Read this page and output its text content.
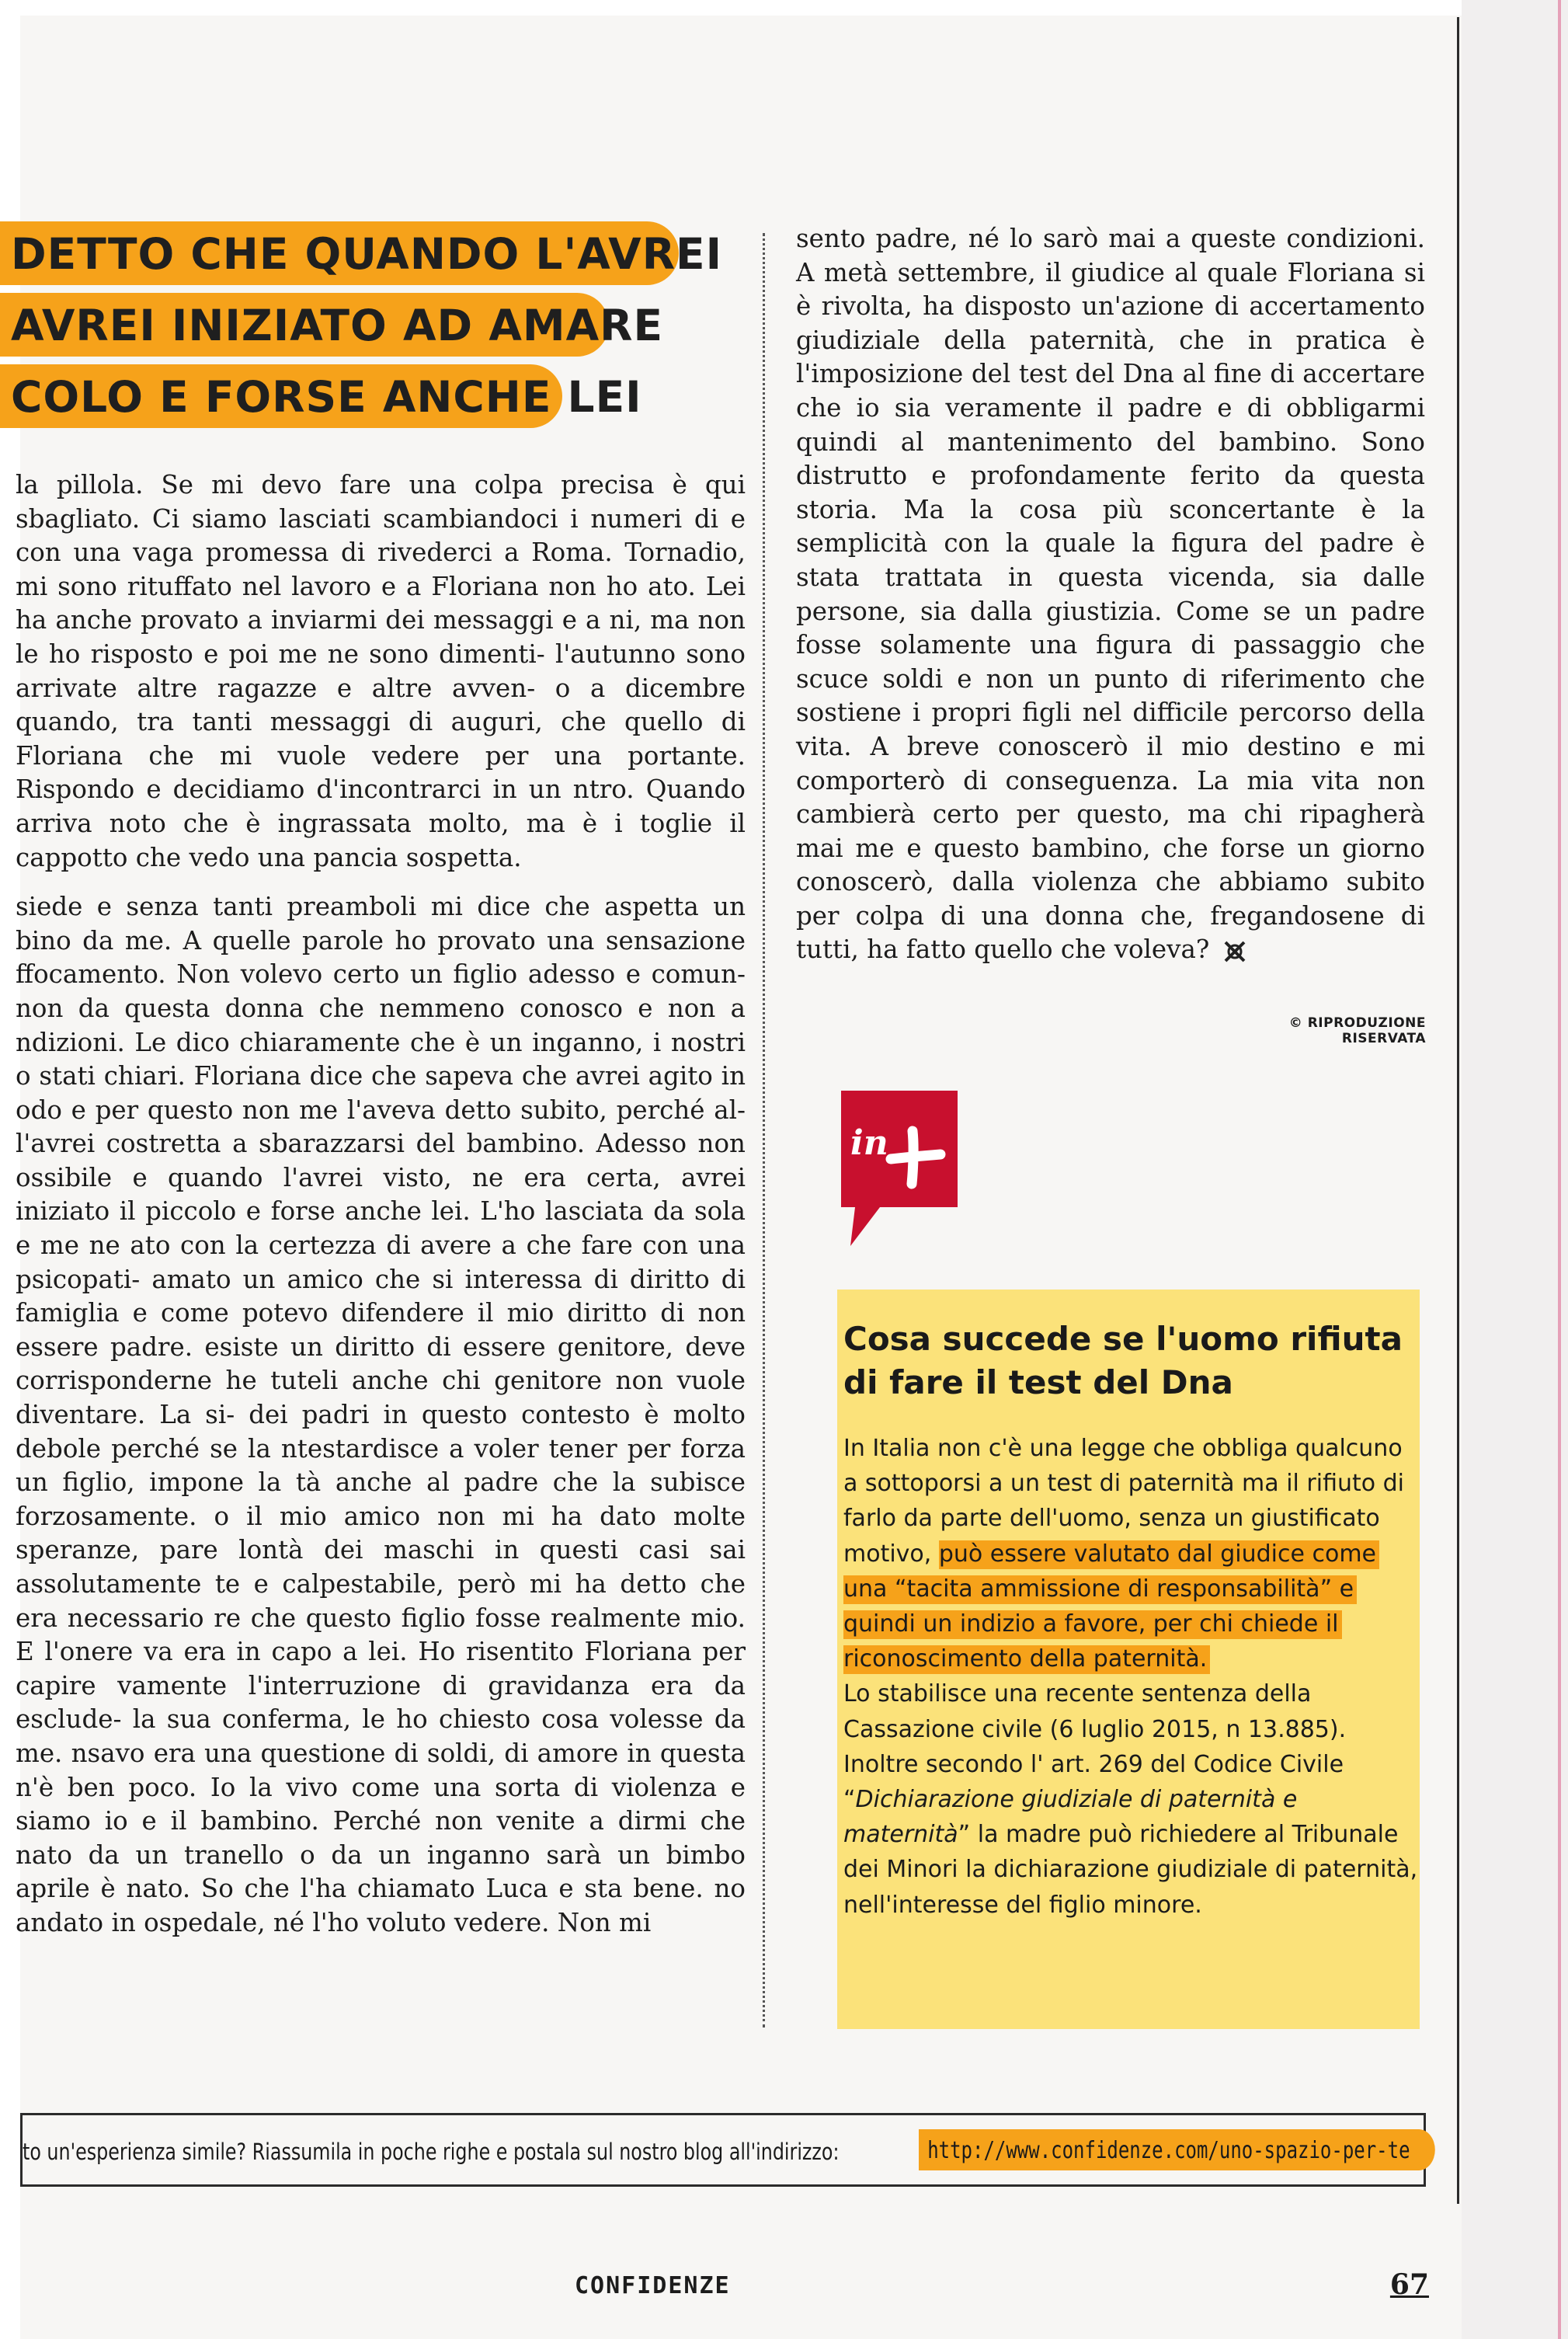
DETTO CHE QUANDO L'AVREI
AVREI INIZIATO AD AMARE
COLO E FORSE ANCHE LEI

la pillola. Se mi devo fare una colpa precisa è qui sbagliato. Ci siamo lasciati scambiandoci i numeri di e con una vaga promessa di rivederci a Roma. Tornadio, mi sono rituffato nel lavoro e a Floriana non ho ato. Lei ha anche provato a inviarmi dei messaggi e a ni, ma non le ho risposto e poi me ne sono dimenti- l'autunno sono arrivate altre ragazze e altre avven- o a dicembre quando, tra tanti messaggi di auguri, che quello di Floriana che mi vuole vedere per una portante. Rispondo e decidiamo d'incontrarci in un ntro. Quando arriva noto che è ingrassata molto, ma è i toglie il cappotto che vedo una pancia sospetta.

siede e senza tanti preamboli mi dice che aspetta un bino da me. A quelle parole ho provato una sensazione ffocamento. Non volevo certo un figlio adesso e comun- non da questa donna che nemmeno conosco e non a ndizioni. Le dico chiaramente che è un inganno, i nostri o stati chiari. Floriana dice che sapeva che avrei agito in odo e per questo non me l'aveva detto subito, perché al- l'avrei costretta a sbarazzarsi del bambino. Adesso non ossibile e quando l'avrei visto, ne era certa, avrei iniziato il piccolo e forse anche lei. L'ho lasciata da sola e me ne ato con la certezza di avere a che fare con una psicopati- amato un amico che si interessa di diritto di famiglia e come potevo difendere il mio diritto di non essere padre. esiste un diritto di essere genitore, deve corrisponderne he tuteli anche chi genitore non vuole diventare. La si- dei padri in questo contesto è molto debole perché se la ntestardisce a voler tener per forza un figlio, impone la tà anche al padre che la subisce forzosamente. o il mio amico non mi ha dato molte speranze, pare lontà dei maschi in questi casi sai assolutamente te e calpestabile, però mi ha detto che era necessario re che questo figlio fosse realmente mio. E l'onere va era in capo a lei. Ho risentito Floriana per capire vamente l'interruzione di gravidanza era da esclude- la sua conferma, le ho chiesto cosa volesse da me. nsavo era una questione di soldi, di amore in questa n'è ben poco. Io la vivo come una sorta di violenza e siamo io e il bambino. Perché non venite a dirmi che nato da un tranello o da un inganno sarà un bimbo aprile è nato. So che l'ha chiamato Luca e sta bene. no andato in ospedale, né l'ho voluto vedere. Non mi

sento padre, né lo sarò mai a queste condizioni. A metà settembre, il giudice al quale Floriana si è rivolta, ha disposto un'azione di accertamento giudiziale della paternità, che in pratica è l'imposizione del test del Dna al fine di accertare che io sia veramente il padre e di obbligarmi quindi al mantenimento del bambino. Sono distrutto e profondamente ferito da questa storia. Ma la cosa più sconcertante è la semplicità con la quale la figura del padre è stata trattata in questa vicenda, sia dalle persone, sia dalla giustizia. Come se un padre fosse solamente una figura di passaggio che scuce soldi e non un punto di riferimento che sostiene i propri figli nel difficile percorso della vita. A breve conoscerò il mio destino e mi comporterò di conseguenza. La mia vita non cambierà certo per questo, ma chi ripagherà mai me e questo bambino, che forse un giorno conoscerò, dalla violenza che abbiamo subito per colpa di una donna che, fregandosene di tutti, ha fatto quello che voleva?

© RIPRODUZIONE RISERVATA
in
Cosa succede se l'uomo rifiuta di fare il test del Dna

In Italia non c'è una legge che obbliga qualcuno a sottoporsi a un test di paternità ma il rifiuto di farlo da parte dell'uomo, senza un giustificato motivo, può essere valutato dal giudice come una “tacita ammissione di responsabilità” e quindi un indizio a favore, per chi chiede il riconoscimento della paternità.

Lo stabilisce una recente sentenza della Cassazione civile (6 luglio 2015, n 13.885). Inoltre secondo l' art. 269 del Codice Civile “Dichiarazione giudiziale di paternità e maternità” la madre può richiedere al Tribunale dei Minori la dichiarazione giudiziale di paternità, nell'interesse del figlio minore.

to un'esperienza simile? Riassumila in poche righe e postala sul nostro blog all'indirizzo:	http://www.confidenze.com/uno-spazio-per-te
CONFIDENZE	67
